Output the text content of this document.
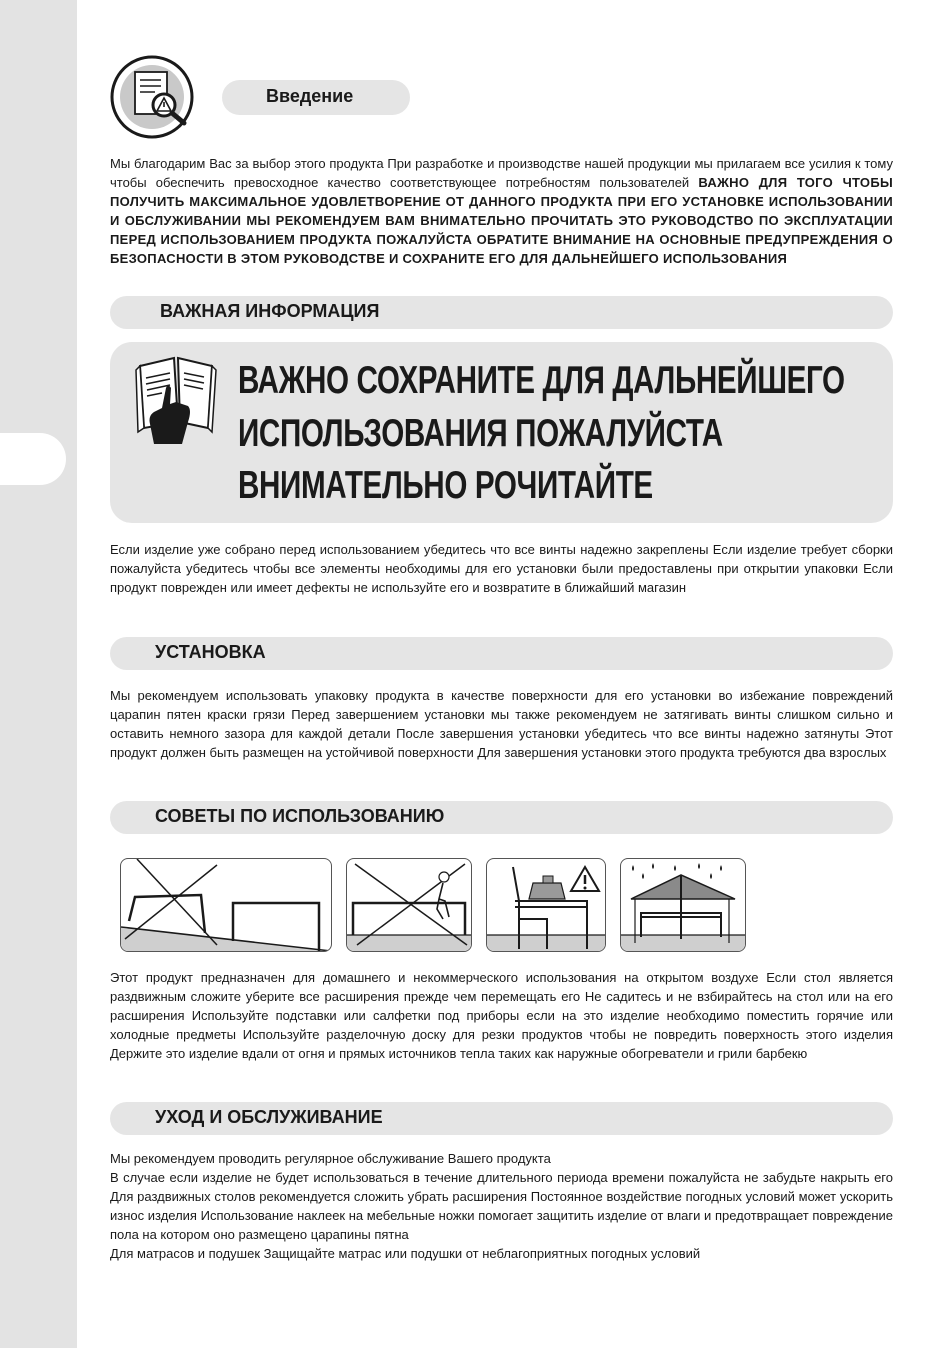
Введение

Мы благодарим Вас за выбор этого продукта При разработке и производстве нашей продукции мы прилагаем все усилия к тому чтобы обеспечить превосходное качество соответствующее потребностям пользователей ВАЖНО ДЛЯ ТОГО ЧТОБЫ ПОЛУЧИТЬ МАКСИМАЛЬНОЕ УДОВЛЕТВОРЕНИЕ ОТ ДАННОГО ПРОДУКТА ПРИ ЕГО УСТАНОВКЕ ИСПОЛЬЗОВАНИИ И ОБСЛУЖИВАНИИ МЫ РЕКОМЕНДУЕМ ВАМ ВНИМАТЕЛЬНО ПРОЧИТАТЬ ЭТО РУКОВОДСТВО ПО ЭКСПЛУАТАЦИИ ПЕРЕД ИСПОЛЬЗОВАНИЕМ ПРОДУКТА ПОЖАЛУЙСТА ОБРАТИТЕ ВНИМАНИЕ НА ОСНОВНЫЕ ПРЕДУПРЕЖДЕНИЯ О БЕЗОПАСНОСТИ В ЭТОМ РУКОВОДСТВЕ И СОХРАНИТЕ ЕГО ДЛЯ ДАЛЬНЕЙШЕГО ИСПОЛЬЗОВАНИЯ

ВАЖНАЯ ИНФОРМАЦИЯ
ВАЖНО СОХРАНИТЕ ДЛЯ ДАЛЬНЕЙШЕГО
ИСПОЛЬЗОВАНИЯ ПОЖАЛУЙСТА
ВНИМАТЕЛЬНО РОЧИТАЙТЕ

Если изделие уже собрано перед использованием убедитесь что все винты надежно закреплены Если изделие требует сборки пожалуйста убедитесь чтобы все элементы необходимы для его установки были предоставлены при открытии упаковки Если продукт поврежден или имеет дефекты не используйте его и возвратите в ближайший магазин

УСТАНОВКА

Мы рекомендуем использовать упаковку продукта в качестве поверхности для его установки во избежание повреждений царапин пятен краски грязи Перед завершением установки мы также рекомендуем не затягивать винты слишком сильно и оставить немного зазора для каждой детали После завершения установки убедитесь что все винты надежно затянуты Этот продукт должен быть размещен на устойчивой поверхности Для завершения установки этого продукта требуются два взрослых

СОВЕТЫ ПО ИСПОЛЬЗОВАНИЮ

Этот продукт предназначен для домашнего и некоммерческого использования на открытом воздухе Если стол является раздвижным сложите уберите все расширения прежде чем перемещать его Не садитесь и не взбирайтесь на стол или на его расширения Используйте подставки или салфетки под приборы если на это изделие необходимо поместить горячие или холодные предметы Используйте разделочную доску для резки продуктов чтобы не повредить поверхность этого изделия Держите это изделие вдали от огня и прямых источников тепла таких как наружные обогреватели и грили барбекю

УХОД И ОБСЛУЖИВАНИЕ

Мы рекомендуем проводить регулярное обслуживание Вашего продукта
В случае если изделие не будет использоваться в течение длительного периода времени пожалуйста не забудьте накрыть его Для раздвижных столов рекомендуется сложить убрать расширения Постоянное воздействие погодных условий может ускорить износ изделия Использование наклеек на мебельные ножки помогает защитить изделие от влаги и предотвращает повреждение пола на котором оно размещено царапины пятна
Для матрасов и подушек Защищайте матрас или подушки от неблагоприятных погодных условий
